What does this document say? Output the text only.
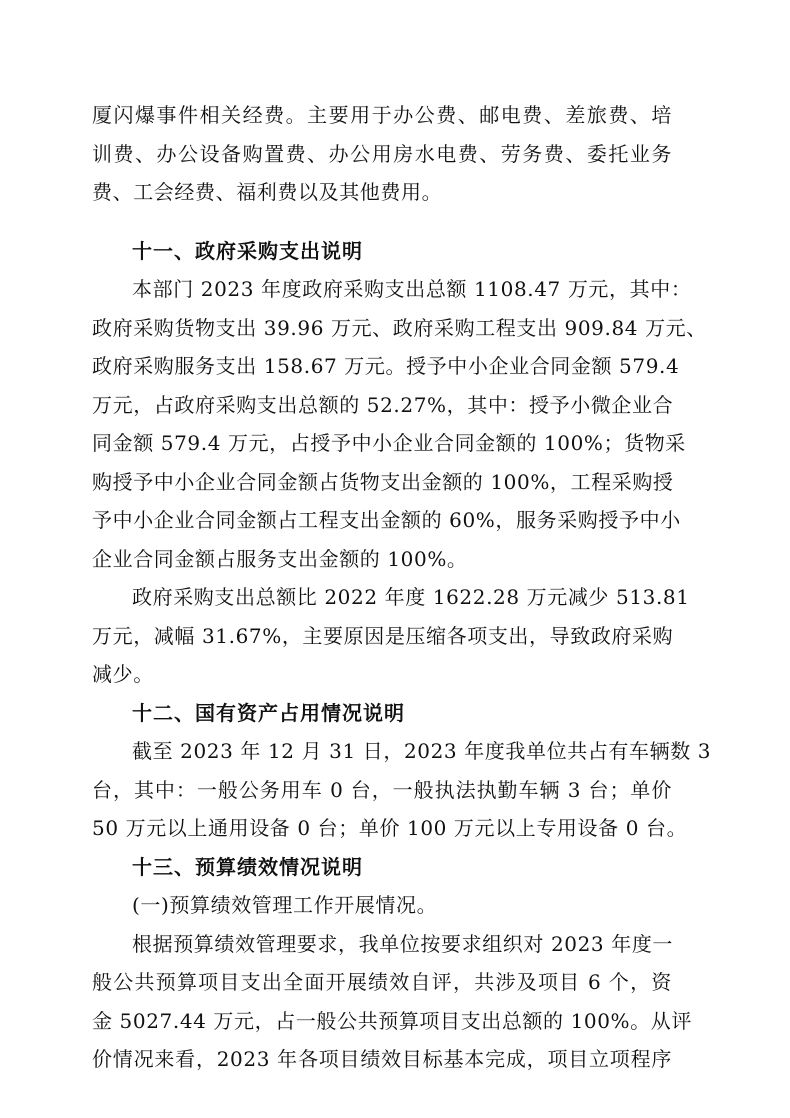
厦闪爆事件相关经费。主要用于办公费、邮电费、差旅费、培
训费、办公设备购置费、办公用房水电费、劳务费、委托业务
费、工会经费、福利费以及其他费用。
十一、政府采购支出说明
本部门 2023 年度政府采购支出总额 1108.47 万元，其中：
政府采购货物支出 39.96 万元、政府采购工程支出 909.84 万元、
政府采购服务支出 158.67 万元。授予中小企业合同金额 579.4
万元，占政府采购支出总额的 52.27%，其中：授予小微企业合
同金额 579.4 万元，占授予中小企业合同金额的 100%；货物采
购授予中小企业合同金额占货物支出金额的 100%，工程采购授
予中小企业合同金额占工程支出金额的 60%，服务采购授予中小
企业合同金额占服务支出金额的 100%。
政府采购支出总额比 2022 年度 1622.28 万元减少 513.81
万元，减幅 31.67%，主要原因是压缩各项支出，导致政府采购
减少。
十二、国有资产占用情况说明
截至 2023 年 12 月 31 日，2023 年度我单位共占有车辆数 3
台，其中：一般公务用车 0 台，一般执法执勤车辆 3 台；单价
50 万元以上通用设备 0 台；单价 100 万元以上专用设备 0 台。
十三、预算绩效情况说明
(一)预算绩效管理工作开展情况。
根据预算绩效管理要求，我单位按要求组织对 2023 年度一
般公共预算项目支出全面开展绩效自评，共涉及项目 6 个，资
金 5027.44 万元，占一般公共预算项目支出总额的 100%。从评
价情况来看，2023 年各项目绩效目标基本完成，项目立项程序
